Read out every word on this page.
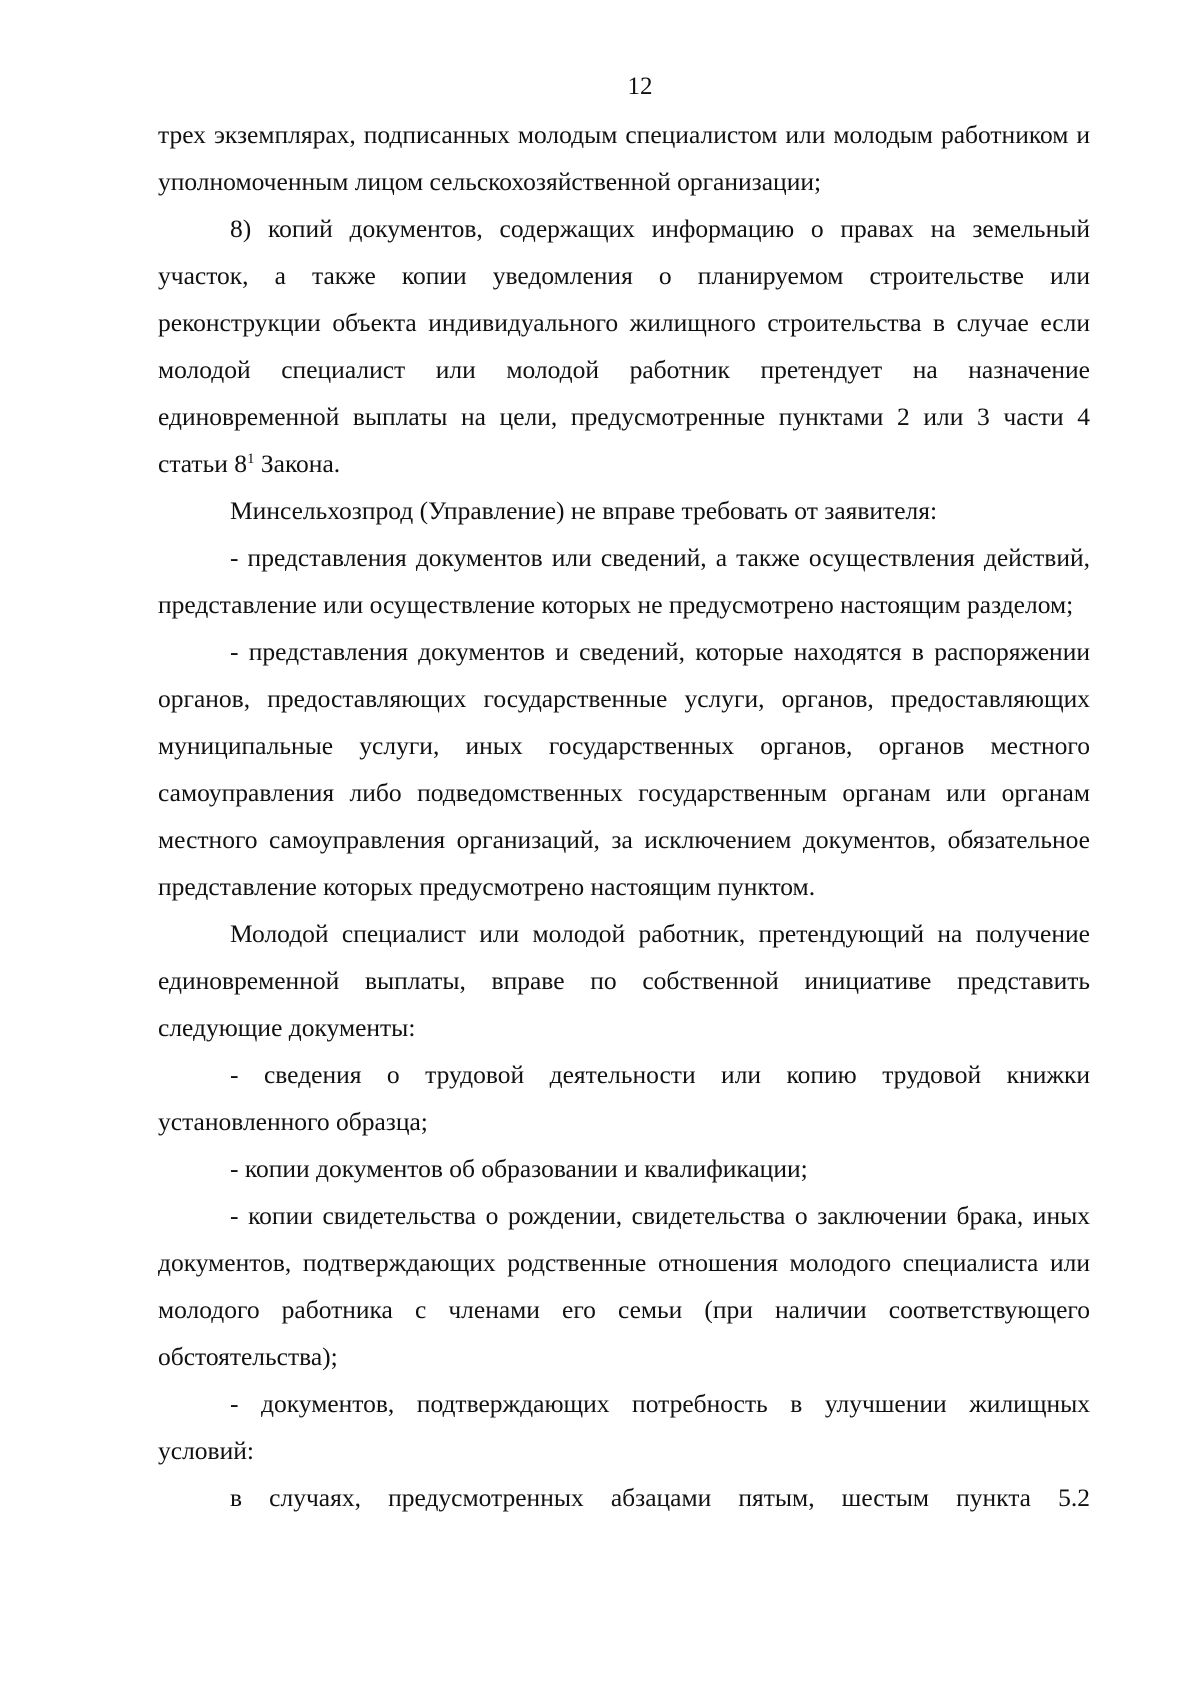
12

трех экземплярах, подписанных молодым специалистом или молодым работником и уполномоченным лицом сельскохозяйственной организации;

8) копий документов, содержащих информацию о правах на земельный участок, а также копии уведомления о планируемом строительстве или реконструкции объекта индивидуального жилищного строительства в случае если молодой специалист или молодой работник претендует на назначение единовременной выплаты на цели, предусмотренные пунктами 2 или 3 части 4 статьи $8^1$ Закона.

Минсельхозпрод (Управление) не вправе требовать от заявителя:

- представления документов или сведений, а также осуществления действий, представление или осуществление которых не предусмотрено настоящим разделом;

- представления документов и сведений, которые находятся в распоряжении органов, предоставляющих государственные услуги, органов, предоставляющих муниципальные услуги, иных государственных органов, органов местного самоуправления либо подведомственных государственным органам или органам местного самоуправления организаций, за исключением документов, обязательное представление которых предусмотрено настоящим пунктом.

Молодой специалист или молодой работник, претендующий на получение единовременной выплаты, вправе по собственной инициативе представить следующие документы:

- сведения о трудовой деятельности или копию трудовой книжки установленного образца;

- копии документов об образовании и квалификации;

- копии свидетельства о рождении, свидетельства о заключении брака, иных документов, подтверждающих родственные отношения молодого специалиста или молодого работника с членами его семьи (при наличии соответствующего обстоятельства);

- документов, подтверждающих потребность в улучшении жилищных условий:

в случаях, предусмотренных абзацами пятым, шестым пункта 5.2
